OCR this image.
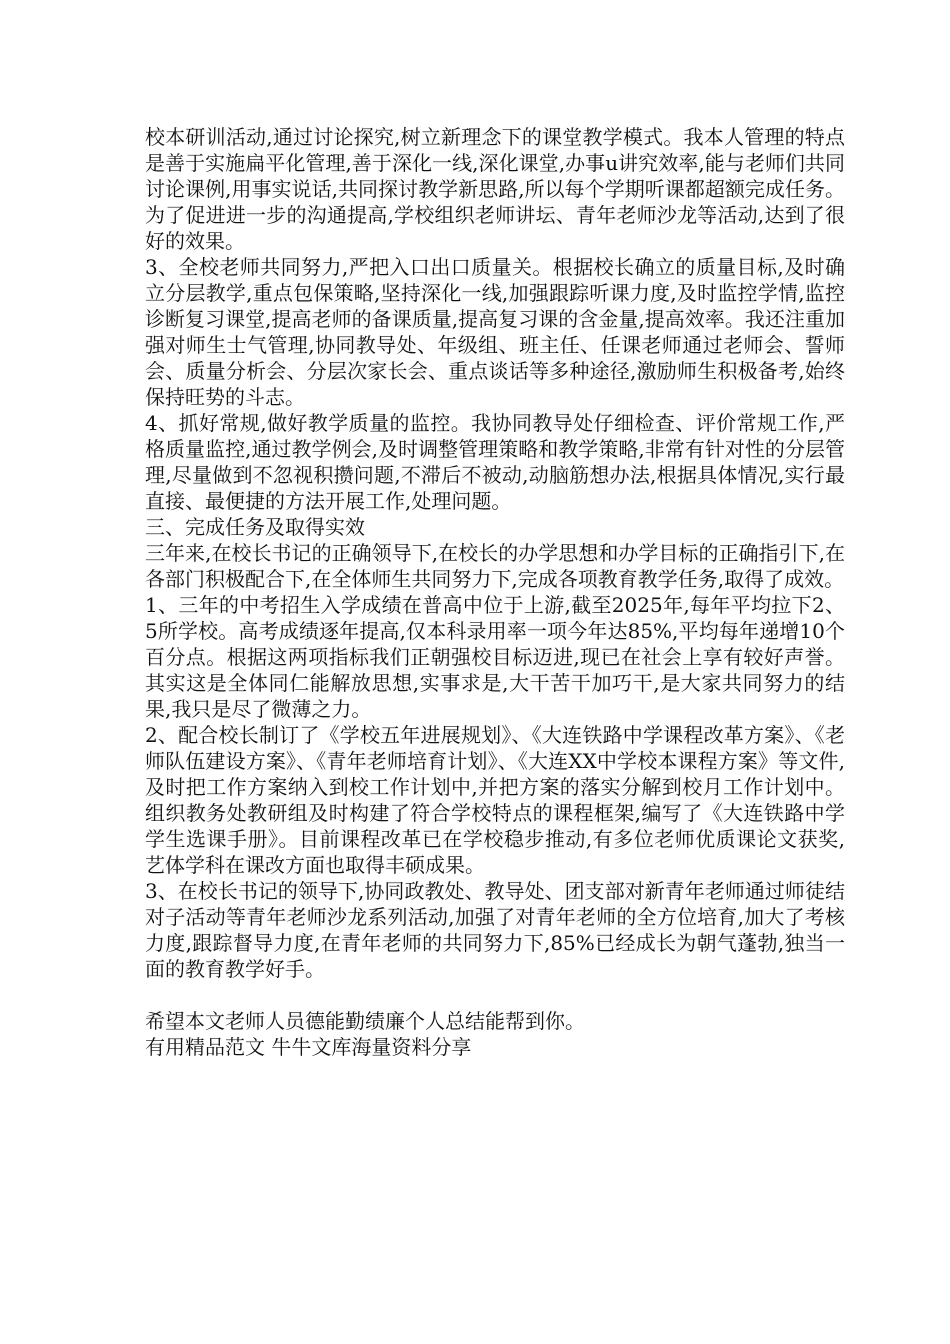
校本研训活动,通过讨论探究,树立新理念下的课堂教学模式。我本人管理的特点是善于实施扁平化管理,善于深化一线,深化课堂,办事u讲究效率,能与老师们共同讨论课例,用事实说话,共同探讨教学新思路,所以每个学期听课都超额完成任务。为了促进进一步的沟通提高,学校组织老师讲坛、青年老师沙龙等活动,达到了很好的效果。

3、全校老师共同努力,严把入口出口质量关。根据校长确立的质量目标,及时确立分层教学,重点包保策略,坚持深化一线,加强跟踪听课力度,及时监控学情,监控诊断复习课堂,提高老师的备课质量,提高复习课的含金量,提高效率。我还注重加强对师生士气管理,协同教导处、年级组、班主任、任课老师通过老师会、誓师会、质量分析会、分层次家长会、重点谈话等多种途径,激励师生积极备考,始终保持旺势的斗志。

4、抓好常规,做好教学质量的监控。我协同教导处仔细检查、评价常规工作,严格质量监控,通过教学例会,及时调整管理策略和教学策略,非常有针对性的分层管理,尽量做到不忽视积攒问题,不滞后不被动,动脑筋想办法,根据具体情况,实行最直接、最便捷的方法开展工作,处理问题。

三、完成任务及取得实效

三年来,在校长书记的正确领导下,在校长的办学思想和办学目标的正确指引下,在各部门积极配合下,在全体师生共同努力下,完成各项教育教学任务,取得了成效。

1、三年的中考招生入学成绩在普高中位于上游,截至2025年,每年平均拉下2、5所学校。高考成绩逐年提高,仅本科录用率一项今年达85%,平均每年递增10个百分点。根据这两项指标我们正朝强校目标迈进,现已在社会上享有较好声誉。其实这是全体同仁能解放思想,实事求是,大干苦干加巧干,是大家共同努力的结果,我只是尽了微薄之力。

2、配合校长制订了《学校五年进展规划》、《大连铁路中学课程改革方案》、《老师队伍建设方案》、《青年老师培育计划》、《大连XX中学校本课程方案》等文件,及时把工作方案纳入到校工作计划中,并把方案的落实分解到校月工作计划中。组织教务处教研组及时构建了符合学校特点的课程框架,编写了《大连铁路中学学生选课手册》。目前课程改革已在学校稳步推动,有多位老师优质课论文获奖,艺体学科在课改方面也取得丰硕成果。

3、在校长书记的领导下,协同政教处、教导处、团支部对新青年老师通过师徒结对子活动等青年老师沙龙系列活动,加强了对青年老师的全方位培育,加大了考核力度,跟踪督导力度,在青年老师的共同努力下,85%已经成长为朝气蓬勃,独当一面的教育教学好手。

希望本文老师人员德能勤绩廉个人总结能帮到你。

有用精品范文 牛牛文库海量资料分享
